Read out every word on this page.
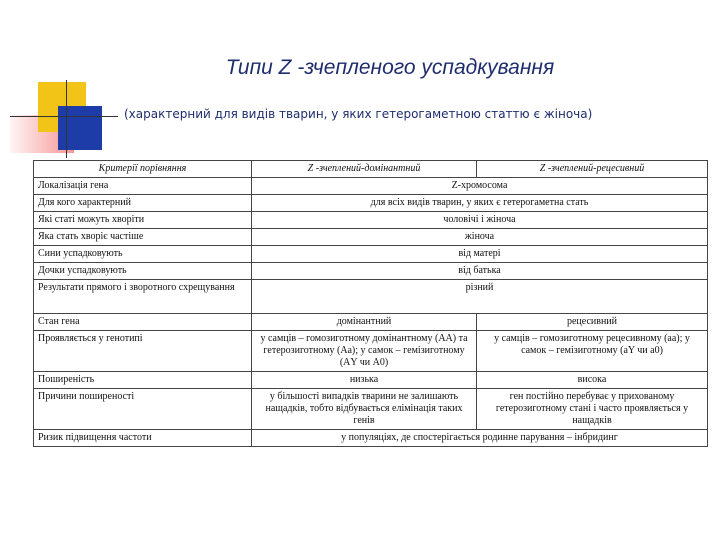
Типи Z -зчепленого успадкування

(характерний для видів тварин, у яких гетерогаметною статтю є жіноча)

Критерії порівняння	Z -зчеплений-домінантний	Z -зчеплений-рецесивний
Локалізація гена	Z-хромосома	
Для кого характерний	для всіх видів тварин, у яких є гетерогаметна стать	
Які статі можуть хворіти	чоловічі і жіноча	
Яка стать хворіє частіше	жіноча	
Сини успадковують	від матері	
Дочки успадковують	від батька	
Результати прямого і зворотного схрещування	різний	
Стан гена	домінантний	рецесивний
Проявляється у генотипі	у самців – гомозиготному домінантному (АА) та гетерозиготному (Аа); у самок – гемізиготному (АY чи А0)	у самців – гомозиготному рецесивному (аа); у самок – гемізиготному (аY чи а0)
Поширеність	низька	висока
Причини поширеності	у більшості випадків тварини не залишають нащадків, тобто відбувається елімінація таких генів	ген постійно перебуває у прихованому гетерозиготному стані і часто проявляється у нащадків
Ризик підвищення частоти	у популяціях, де спостерігається родинне парування – інбридинг	
